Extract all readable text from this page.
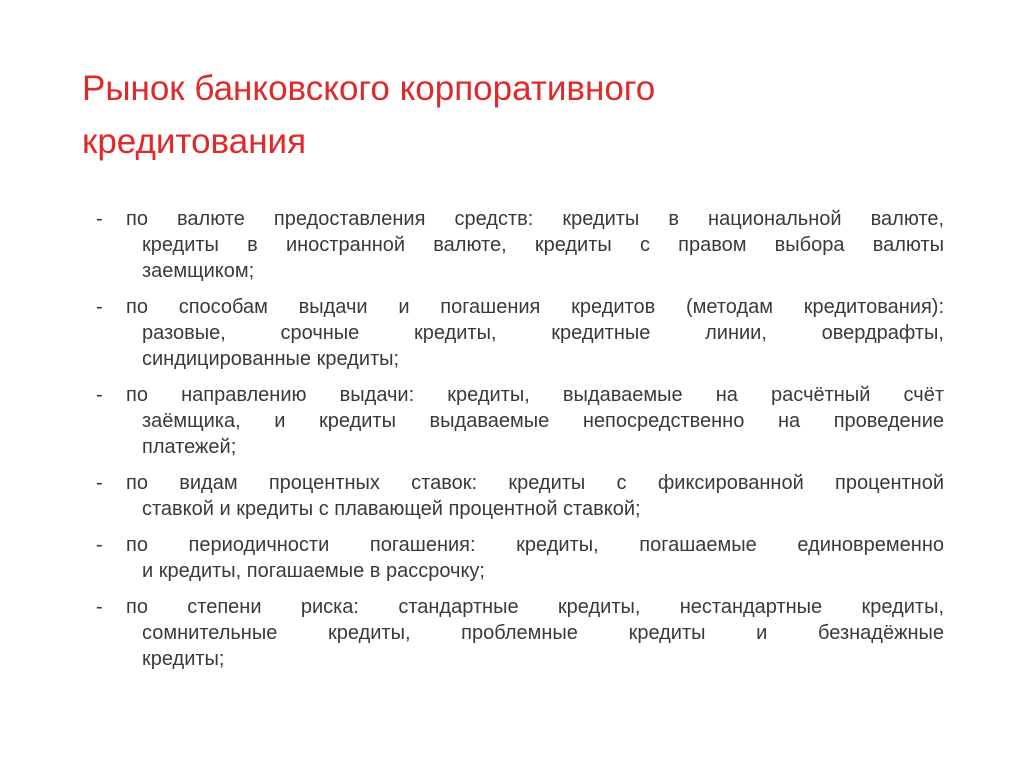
Рынок банковского корпоративного
кредитования
-	по валюте предоставления средств: кредиты в национальной валюте,
кредиты в иностранной валюте, кредиты с правом выбора валюты
заемщиком;
-	по способам выдачи и погашения кредитов (методам кредитования):
разовые, срочные кредиты, кредитные линии, овердрафты,
синдицированные кредиты;
-	по направлению выдачи: кредиты, выдаваемые на расчётный счёт
заёмщика, и кредиты выдаваемые непосредственно на проведение
платежей;
-	по видам процентных ставок: кредиты с фиксированной процентной
ставкой и кредиты с плавающей процентной ставкой;
-	по периодичности погашения: кредиты, погашаемые единовременно
и кредиты, погашаемые в рассрочку;
-	по степени риска: стандартные кредиты, нестандартные кредиты,
сомнительные кредиты, проблемные кредиты и безнадёжные
кредиты;
